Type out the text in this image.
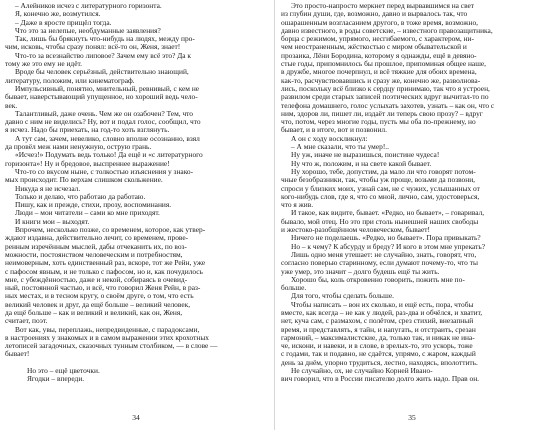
– Алейников исчез с литературного горизонта.
Я, конечно же, возмутился.
– Даже в яросте прищёл тогда.
Что это за нелепые, необдуманные заявления?
Так, лишь бы брякнуть что-нибудь на людях, между про-
чим, исковь, чтобы сразу понял: всё-то он, Женя, знает!
Что-то за всезнайство липовое? Зачем ему всё это? Да к
тому же это ему не идёт.
Вроде бы человек серьёзный, действительно знающий,
литературу, положим, или кинематограф.
Импульсивный, понятно, мнительный, ревнивый, с кем не
бывает, наверстывающий упущенное, но хороший ведь чело-
век.
Талантливый, даже очень. Чем же он озабочен? Тем, что
давно с ним не виделись? Ну, вот и подал голос, сообщил, что
я исчез. Надо бы приехать, на год-то хоть взглянуть.
А тут сам, зачем, невелико, словно вполне осознанно, взял
да провёл меж нами ненужную, острую грань.
«Исчез!» Подумать ведь только! Да ещё и «с литературного
горизонта»! Ну и бредовое, выспреннее выражение!
Что-то со вкусом ныне, с толкостью изъяснения у знако-
мых происходит. По верхам слишком скольжение.
Никуда я не исчезал.
Только и делаю, что работаю да работаю.
Пишу, как и прежде, стихи, прозу, воспоминания.
Люди – мои читатели – сами ко мне приходят.
И книги мои – выходят.
Впрочем, несколько позже, со временем, которое, как утвер-
ждают издавна, действительно лечит, со временем, прове-
ренным изречённым мыслей, дабы отчеканить их, по воз-
можности, постоянством человеческим и потребностям,
неимоверным, хоть единственный раз, вскоре, тот же Рейн, уже
с пафосом явным, и не только с пафосом, но и, как почудилось
мне, с убеждённостью, даже и некой, собираясь в очевид-
ный, постоянной частью, и всё, что говорил Женя Рейн, в раз-
ных местах, и в тесном кругу, о своём друге, о том, что есть
великий человек и друг, да ещё больше – великий человек,
да ещё больше – как и великий и великий, как он, Женя,
считает, поэт.
Вот как, увы, переплажь, непредвиденные, с парадоксами,
в настроениях у знакомых и в самом выражении этих крохотных
летописей загадочных, сказочных тунным столбиком, — в слове —
бывает!
Но это – ещё цветочки.
Ягодки – впереди.
34
Это просто-напросто меркнет перед вырвавшимся на свет
из глубин души, где, возможно, давно и вырвалось так, что
ошарашенным возгласанием другого, в тоже время, возможно,
давно известного, в роды советские, – известного правозащитника,
борца с режимом, упрямого, несгибаемого, с характером, ни-
чем неостраненным, жёсткостью с миром обывательской и
прозаика, Лёни Бородина, которому я однажды, ещё в девяно-
стые годы, припомнилось бы прошлое, припоминая общее наше,
в дружбе, многое почерпнул, и всё тяжкие для обоих времена,
как-то, расчувствовавшись и сразу же, конечно же, разволнова-
лись, поскольку всё близко к сердцу принимаю, так что я устроен,
развилом среди старых записей поэтических вдруг вычитал-то по
телефона домашнего, голос услыхать захотев, узнать – как он, что с
ним, здоров ли, пишет ли, издаёт ли теперь свою прозу? – вдруг
что, потом, через многие годы, пусть мы оба по-прежнему, но
бывает, и в итоге, вот и позвонил.
А он с ходу воскликнул:
– А мне сказали, что ты умер!..
Ну уж, иначе не выразишься, поистине чудеса!
Ну что ж, положим, и на свете какой бывает.
Ну хорошо, тебе, допустим, да мало ли что говорят потом-
чные безобразники, так, чтобы уж проще, возьми да позвони,
спроси у близких моих, узнай сам, не с чужих, услышанных от
кого-нибудь слов, где я, что со мной, лично, сам, удостоверься,
что я жив.
И такое, как видите, бывает. «Редко, но бывает», – говаривал,
бывало, мой отец. Но это при столь нынешней наших свободы
и жестоко-разобщённом человеческом, бывает!
Ничего не поделаешь. «Редко, но бывает». Пора привыкать?
Но – к чему? К абсурду и бреду? И кого в этом мне упрекать?
Лишь одно меня утешает: не случайно, знать, говорят, что,
согласно поверью старинному, если думают почему-то, что ты
уже умер, это значит – долго будешь ещё ты жить.
Хорошо бы, коль откровенно говорить, пожить мне по-
больше.
Для того, чтобы сделать больше.
Чтобы написать – вон их сколько, и ещё есть, пора, чтобы
вместе, как всегда – не как у людей, раз-два и обчёлся, и хватит,
нет, куча сам, с размахом, с полётом, срез стихий, внезапный
время, и представлять, я тайн, и напугать, и отстраить, срезан
гармоний, – максималистские, да, только так, и никак не ина-
че, искони, и навеки, и в слове, в зрелых-то, это ускорь, тоже
с годами, так и подавно, не сдаётся, упрямо, с жаром, каждый
день за днём, упорно трудиться, лестно, находясь, вполоттить.
Не случайно, ох, не случайно Корней Ивано-
вич говорил, что в России писателю долго жить надо. Прав он.
35
